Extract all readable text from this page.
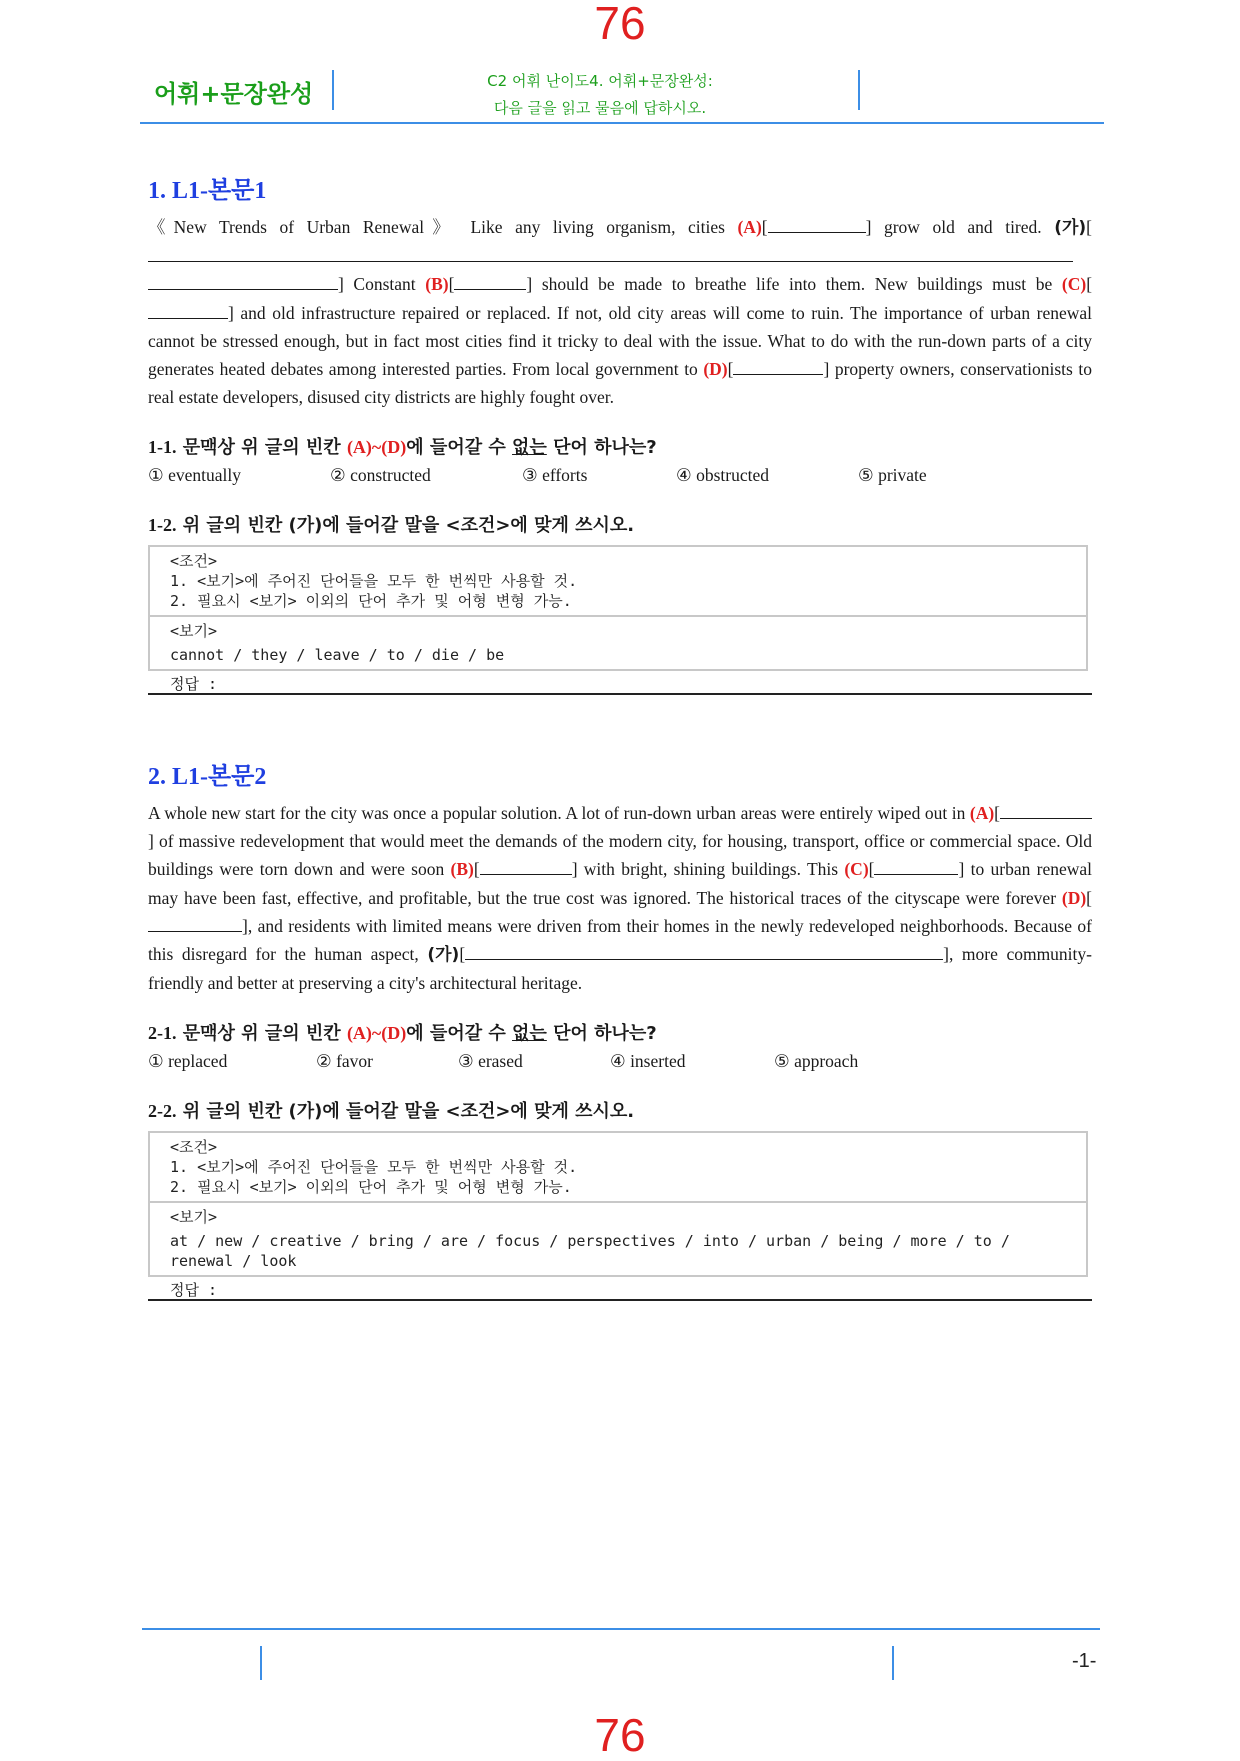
76
어휘+문장완성	C2 어휘 난이도4. 어휘+문장완성:
다음 글을 읽고 물음에 답하시오.
1. L1-본문1

《New Trends of Urban Renewal》 Like any living organism, cities (A)[	] grow old and tired. (가)[] Constant (B)[	] should be made to breathe life into them. New buildings must be (C)[] and old infrastructure repaired or replaced. If not, old city areas will come to ruin. The importance of urban renewal cannot be stressed enough, but in fact most cities find it tricky to deal with the issue. What to do with the run-down parts of a city generates heated debates among interested parties. From local government to (D)[	] property owners, conservationists to real estate developers, disused city districts are highly fought over.

1-1. 문맥상 위 글의 빈칸 (A)~(D)에 들어갈 수 없는 단어 하나는?

① eventually	② constructed	③ efforts	④ obstructed	⑤ private

1-2. 위 글의 빈칸 (가)에 들어갈 말을 <조건>에 맞게 쓰시오.

<조건>
1. <보기>에 주어진 단어들을 모두 한 번씩만 사용할 것.
2. 필요시 <보기> 이외의 단어 추가 및 어형 변형 가능.
<보기>
cannot / they / leave / to / die / be
정답 :
2. L1-본문2

A whole new start for the city was once a popular solution. A lot of run-down urban areas were entirely wiped out in (A)[] of massive redevelopment that would meet the demands of the modern city, for housing, transport, office or commercial space. Old buildings were torn down and were soon (B)[	] with bright, shining buildings. This (C)[	] to urban renewal may have been fast, effective, and profitable, but the true cost was ignored. The historical traces of the cityscape were forever (D)[], and residents with limited means were driven from their homes in the newly redeveloped neighborhoods. Because of this disregard for the human aspect, (가)[	], more community-friendly and better at preserving a city's architectural heritage.

2-1. 문맥상 위 글의 빈칸 (A)~(D)에 들어갈 수 없는 단어 하나는?

① replaced	② favor	③ erased	④ inserted	⑤ approach

2-2. 위 글의 빈칸 (가)에 들어갈 말을 <조건>에 맞게 쓰시오.

<조건>
1. <보기>에 주어진 단어들을 모두 한 번씩만 사용할 것.
2. 필요시 <보기> 이외의 단어 추가 및 어형 변형 가능.
<보기>
at / new / creative / bring / are / focus / perspectives / into / urban / being / more / to / renewal / look
정답 :
-1-
76
